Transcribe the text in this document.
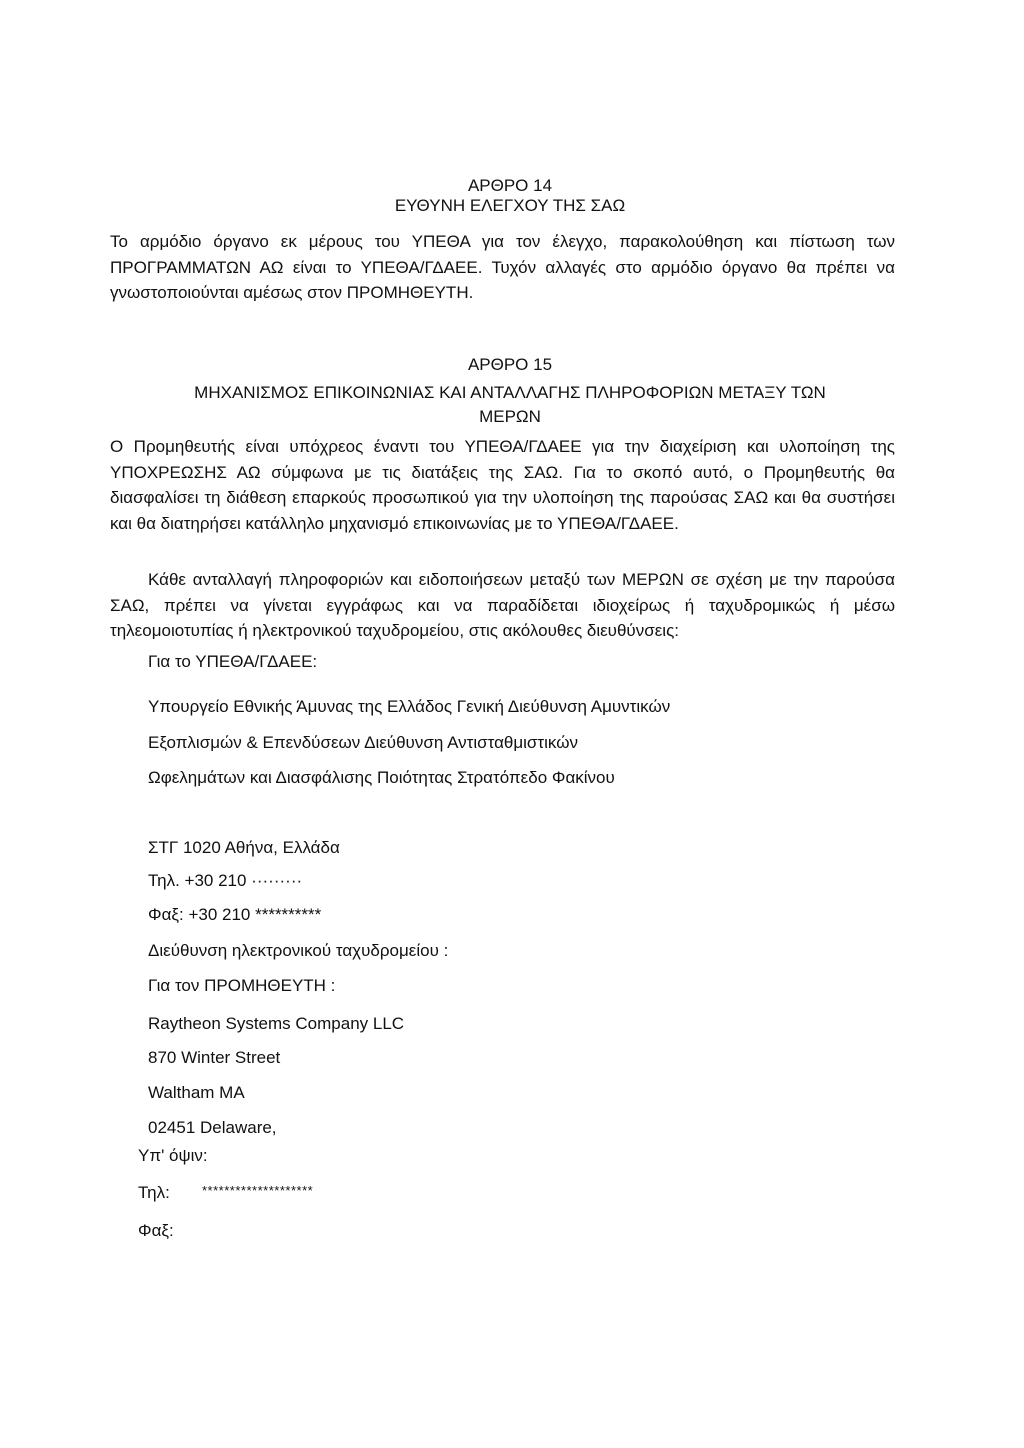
ΑΡΘΡΟ 14
ΕΥΘΥΝΗ ΕΛΕΓΧΟΥ ΤΗΣ ΣΑΩ
Το αρμόδιο όργανο εκ μέρους του ΥΠΕΘΑ για τον έλεγχο, παρακολούθηση και πίστωση των ΠΡΟΓΡΑΜΜΑΤΩΝ ΑΩ είναι το ΥΠΕΘΑ/ΓΔΑΕΕ. Τυχόν αλλαγές στο αρμόδιο όργανο θα πρέπει να γνωστοποιούνται αμέσως στον ΠΡΟΜΗΘΕΥΤΗ.
ΑΡΘΡΟ 15
ΜΗΧΑΝΙΣΜΟΣ ΕΠΙΚΟΙΝΩΝΙΑΣ ΚΑΙ ΑΝΤΑΛΛΑΓΗΣ ΠΛΗΡΟΦΟΡΙΩΝ ΜΕΤΑΞΥ ΤΩΝ
ΜΕΡΩΝ
Ο Προμηθευτής είναι υπόχρεος έναντι του ΥΠΕΘΑ/ΓΔΑΕΕ για την διαχείριση και υλοποίηση της ΥΠΟΧΡΕΩΣΗΣ ΑΩ σύμφωνα με τις διατάξεις της ΣΑΩ. Για το σκοπό αυτό, ο Προμηθευτής θα διασφαλίσει τη διάθεση επαρκούς προσωπικού για την υλοποίηση της παρούσας ΣΑΩ και θα συστήσει και θα διατηρήσει κατάλληλο μηχανισμό επικοινωνίας με το ΥΠΕΘΑ/ΓΔΑΕΕ.
Κάθε ανταλλαγή πληροφοριών και ειδοποιήσεων μεταξύ των ΜΕΡΩΝ σε σχέση με την παρούσα ΣΑΩ, πρέπει να γίνεται εγγράφως και να παραδίδεται ιδιοχείρως ή ταχυδρομικώς ή μέσω τηλεομοιοτυπίας ή ηλεκτρονικού ταχυδρομείου, στις ακόλουθες διευθύνσεις:
Για το ΥΠΕΘΑ/ΓΔΑΕΕ:
Υπουργείο Εθνικής Άμυνας της Ελλάδος Γενική Διεύθυνση Αμυντικών
Εξοπλισμών & Επενδύσεων Διεύθυνση Αντισταθμιστικών
Ωφελημάτων και Διασφάλισης Ποιότητας Στρατόπεδο Φακίνου
ΣΤΓ 1020 Αθήνα, Ελλάδα
Τηλ. +30 210 ·········
Φαξ: +30 210 **********
Διεύθυνση ηλεκτρονικού ταχυδρομείου :
Για τον ΠΡΟΜΗΘΕΥΤΗ :
Raytheon Systems Company LLC
870 Winter Street
Waltham MA
02451 Delaware,
Υπ' όψιν:
Τηλ: ********************
Φαξ:
